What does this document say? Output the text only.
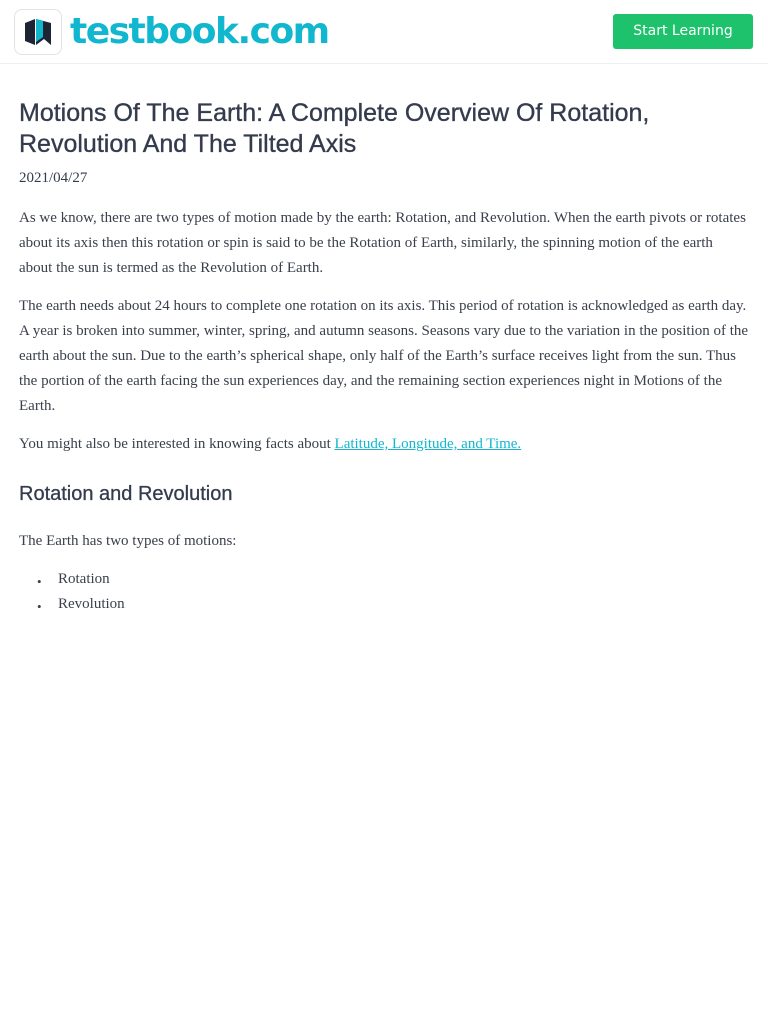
testbook.com	Start Learning
Motions Of The Earth: A Complete Overview Of Rotation, Revolution And The Tilted Axis
2021/04/27

As we know, there are two types of motion made by the earth: Rotation, and Revolution. When the earth pivots or rotates about its axis then this rotation or spin is said to be the Rotation of Earth, similarly, the spinning motion of the earth about the sun is termed as the Revolution of Earth.

The earth needs about 24 hours to complete one rotation on its axis. This period of rotation is acknowledged as earth day. A year is broken into summer, winter, spring, and autumn seasons. Seasons vary due to the variation in the position of the earth about the sun. Due to the earth’s spherical shape, only half of the Earth’s surface receives light from the sun. Thus the portion of the earth facing the sun experiences day, and the remaining section experiences night in Motions of the Earth.

You might also be interested in knowing facts about Latitude, Longitude, and Time.

Rotation and Revolution

The Earth has two types of motions:

• Rotation
• Revolution
